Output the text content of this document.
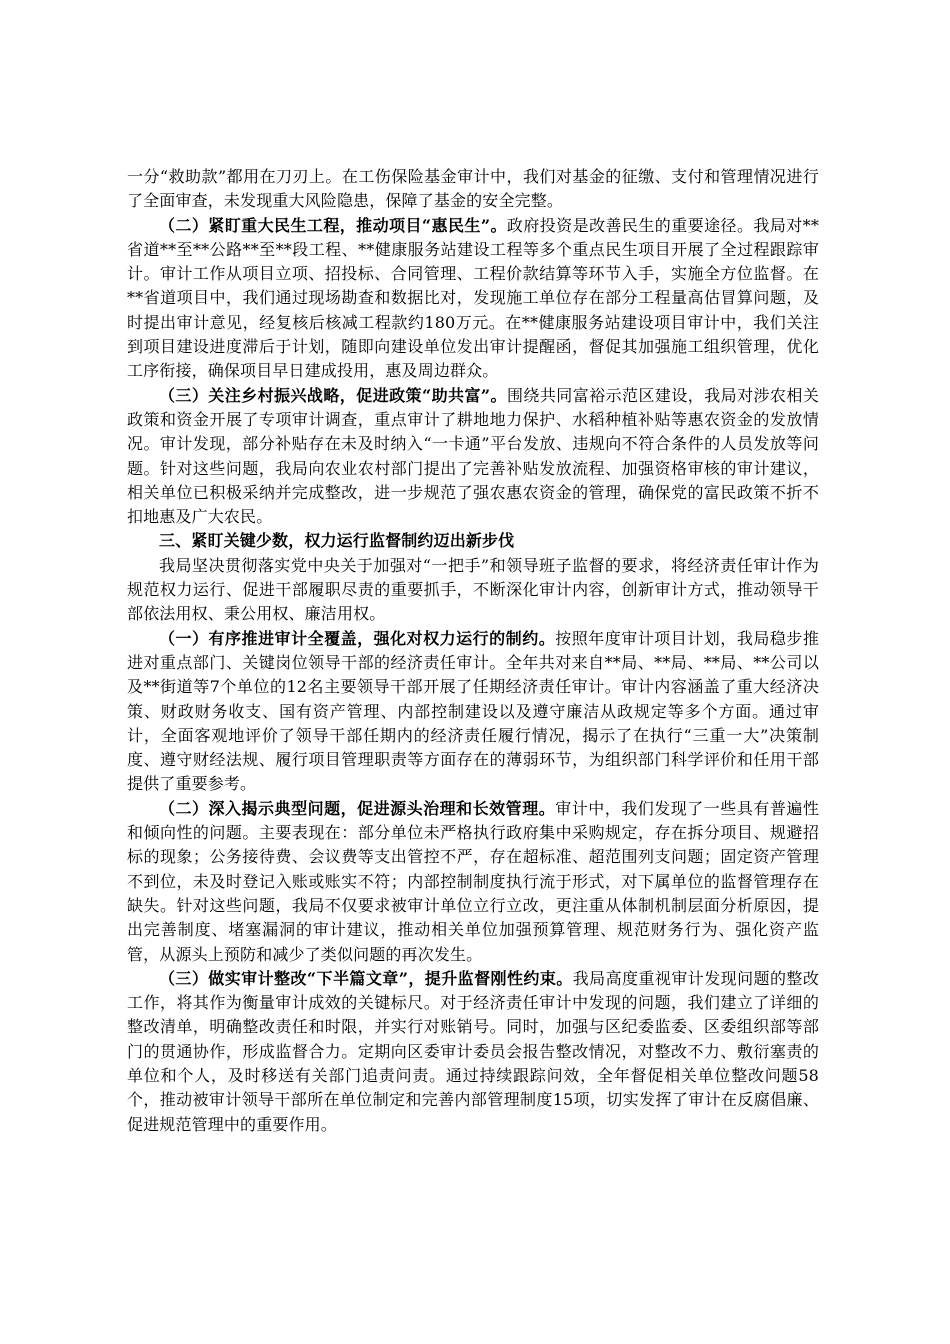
一分“救助款”都用在刀刃上。在工伤保险基金审计中，我们对基金的征缴、支付和管理情况进行了全面审查，未发现重大风险隐患，保障了基金的安全完整。

（二）紧盯重大民生工程，推动项目“惠民生”。政府投资是改善民生的重要途径。我局对**省道**至**公路**至**段工程、**健康服务站建设工程等多个重点民生项目开展了全过程跟踪审计。审计工作从项目立项、招投标、合同管理、工程价款结算等环节入手，实施全方位监督。在**省道项目中，我们通过现场勘查和数据比对，发现施工单位存在部分工程量高估冒算问题，及时提出审计意见，经复核后核减工程款约180万元。在**健康服务站建设项目审计中，我们关注到项目建设进度滞后于计划，随即向建设单位发出审计提醒函，督促其加强施工组织管理，优化工序衔接，确保项目早日建成投用，惠及周边群众。

（三）关注乡村振兴战略，促进政策“助共富”。围绕共同富裕示范区建设，我局对涉农相关政策和资金开展了专项审计调查，重点审计了耕地地力保护、水稻种植补贴等惠农资金的发放情况。审计发现，部分补贴存在未及时纳入“一卡通”平台发放、违规向不符合条件的人员发放等问题。针对这些问题，我局向农业农村部门提出了完善补贴发放流程、加强资格审核的审计建议，相关单位已积极采纳并完成整改，进一步规范了强农惠农资金的管理，确保党的富民政策不折不扣地惠及广大农民。

三、紧盯关键少数，权力运行监督制约迈出新步伐

我局坚决贯彻落实党中央关于加强对“一把手”和领导班子监督的要求，将经济责任审计作为规范权力运行、促进干部履职尽责的重要抓手，不断深化审计内容，创新审计方式，推动领导干部依法用权、秉公用权、廉洁用权。

（一）有序推进审计全覆盖，强化对权力运行的制约。按照年度审计项目计划，我局稳步推进对重点部门、关键岗位领导干部的经济责任审计。全年共对来自**局、**局、**局、**公司以及**街道等7个单位的12名主要领导干部开展了任期经济责任审计。审计内容涵盖了重大经济决策、财政财务收支、国有资产管理、内部控制建设以及遵守廉洁从政规定等多个方面。通过审计，全面客观地评价了领导干部任期内的经济责任履行情况，揭示了在执行“三重一大”决策制度、遵守财经法规、履行项目管理职责等方面存在的薄弱环节，为组织部门科学评价和任用干部提供了重要参考。

（二）深入揭示典型问题，促进源头治理和长效管理。审计中，我们发现了一些具有普遍性和倾向性的问题。主要表现在：部分单位未严格执行政府集中采购规定，存在拆分项目、规避招标的现象；公务接待费、会议费等支出管控不严，存在超标准、超范围列支问题；固定资产管理不到位，未及时登记入账或账实不符；内部控制制度执行流于形式，对下属单位的监督管理存在缺失。针对这些问题，我局不仅要求被审计单位立行立改，更注重从体制机制层面分析原因，提出完善制度、堵塞漏洞的审计建议，推动相关单位加强预算管理、规范财务行为、强化资产监管，从源头上预防和减少了类似问题的再次发生。

（三）做实审计整改“下半篇文章”，提升监督刚性约束。我局高度重视审计发现问题的整改工作，将其作为衡量审计成效的关键标尺。对于经济责任审计中发现的问题，我们建立了详细的整改清单，明确整改责任和时限，并实行对账销号。同时，加强与区纪委监委、区委组织部等部门的贯通协作，形成监督合力。定期向区委审计委员会报告整改情况，对整改不力、敷衍塞责的单位和个人，及时移送有关部门追责问责。通过持续跟踪问效，全年督促相关单位整改问题58个，推动被审计领导干部所在单位制定和完善内部管理制度15项，切实发挥了审计在反腐倡廉、促进规范管理中的重要作用。
